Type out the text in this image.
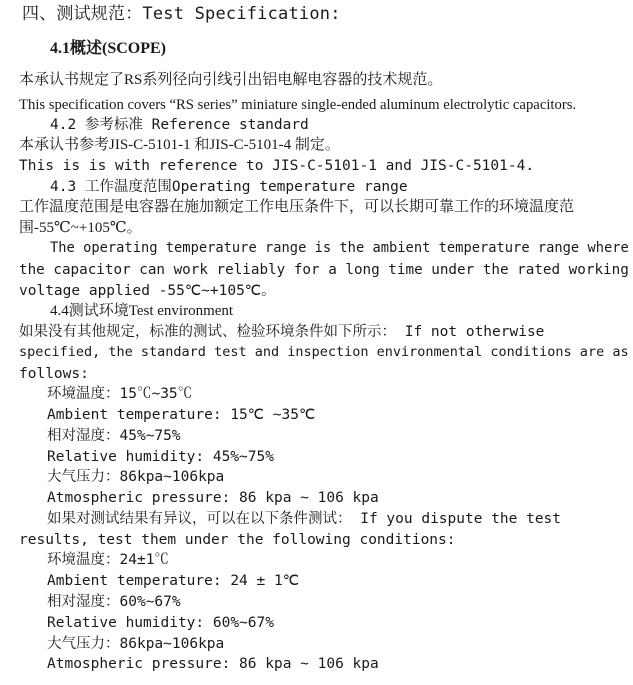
四、测试规范：Test Specification:
4.1概述(SCOPE)
本承认书规定了RS系列径向引线引出铝电解电容器的技术规范。
This specification covers “RS series” miniature single-ended aluminum electrolytic capacitors.
4.2 参考标准 Reference standard
本承认书参考JIS-C-5101-1 和JIS-C-5101-4 制定。
This is is with reference to JIS-C-5101-1 and JIS-C-5101-4.
4.3 工作温度范围Operating temperature range
工作温度范围是电容器在施加额定工作电压条件下，可以长期可靠工作的环境温度范
围-55℃~+105℃。
The operating temperature range is the ambient temperature range where
the capacitor can work reliably for a long time under the rated working
voltage applied -55℃~+105℃。
4.4测试环境Test environment
如果没有其他规定，标准的测试、检验环境条件如下所示： If not otherwise
specified, the standard test and inspection environmental conditions are as
follows:
环境温度：15℃~35℃
Ambient temperature: 15℃ ~35℃
相对湿度：45%~75%
Relative humidity: 45%~75%
大气压力：86kpa~106kpa
Atmospheric pressure: 86 kpa ~ 106 kpa
如果对测试结果有异议，可以在以下条件测试： If you dispute the test
results, test them under the following conditions:
环境温度：24±1℃
Ambient temperature: 24 ± 1℃
相对湿度：60%~67%
Relative humidity: 60%~67%
大气压力：86kpa~106kpa
Atmospheric pressure: 86 kpa ~ 106 kpa
